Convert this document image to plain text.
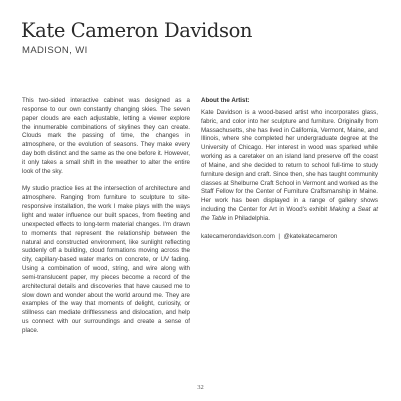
Kate Cameron Davidson
MADISON, WI

This two-sided interactive cabinet was designed as a response to our own constantly changing skies. The seven paper clouds are each adjustable, letting a viewer explore the innumerable combinations of skylines they can create. Clouds mark the passing of time, the changes in atmosphere, or the evolution of seasons. They make every day both distinct and the same as the one before it. However, it only takes a small shift in the weather to alter the entire look of the sky.

My studio practice lies at the intersection of architecture and atmosphere. Ranging from furniture to sculpture to site-responsive installation, the work I make plays with the ways light and water influence our built spaces, from fleeting and unexpected effects to long-term material changes. I'm drawn to moments that represent the relationship between the natural and constructed environment, like sunlight reflecting suddenly off a building, cloud formations moving across the city, capillary-based water marks on concrete, or UV fading. Using a combination of wood, string, and wire along with semi-translucent paper, my pieces become a record of the architectural details and discoveries that have caused me to slow down and wonder about the world around me. They are examples of the way that moments of delight, curiosity, or stillness can mediate driftlessness and dislocation, and help us connect with our surroundings and create a sense of place.

About the Artist:

Kate Davidson is a wood-based artist who incorporates glass, fabric, and color into her sculpture and furniture. Originally from Massachusetts, she has lived in California, Vermont, Maine, and Illinois, where she completed her undergraduate degree at the University of Chicago. Her interest in wood was sparked while working as a caretaker on an island land preserve off the coast of Maine, and she decided to return to school full-time to study furniture design and craft. Since then, she has taught community classes at Shelburne Craft School in Vermont and worked as the Staff Fellow for the Center of Furniture Craftsmanship in Maine. Her work has been displayed in a range of gallery shows including the Center for Art in Wood's exhibit Making a Seat at the Table in Philadelphia.

katecamerondavidson.com | @katekatecameron

32
